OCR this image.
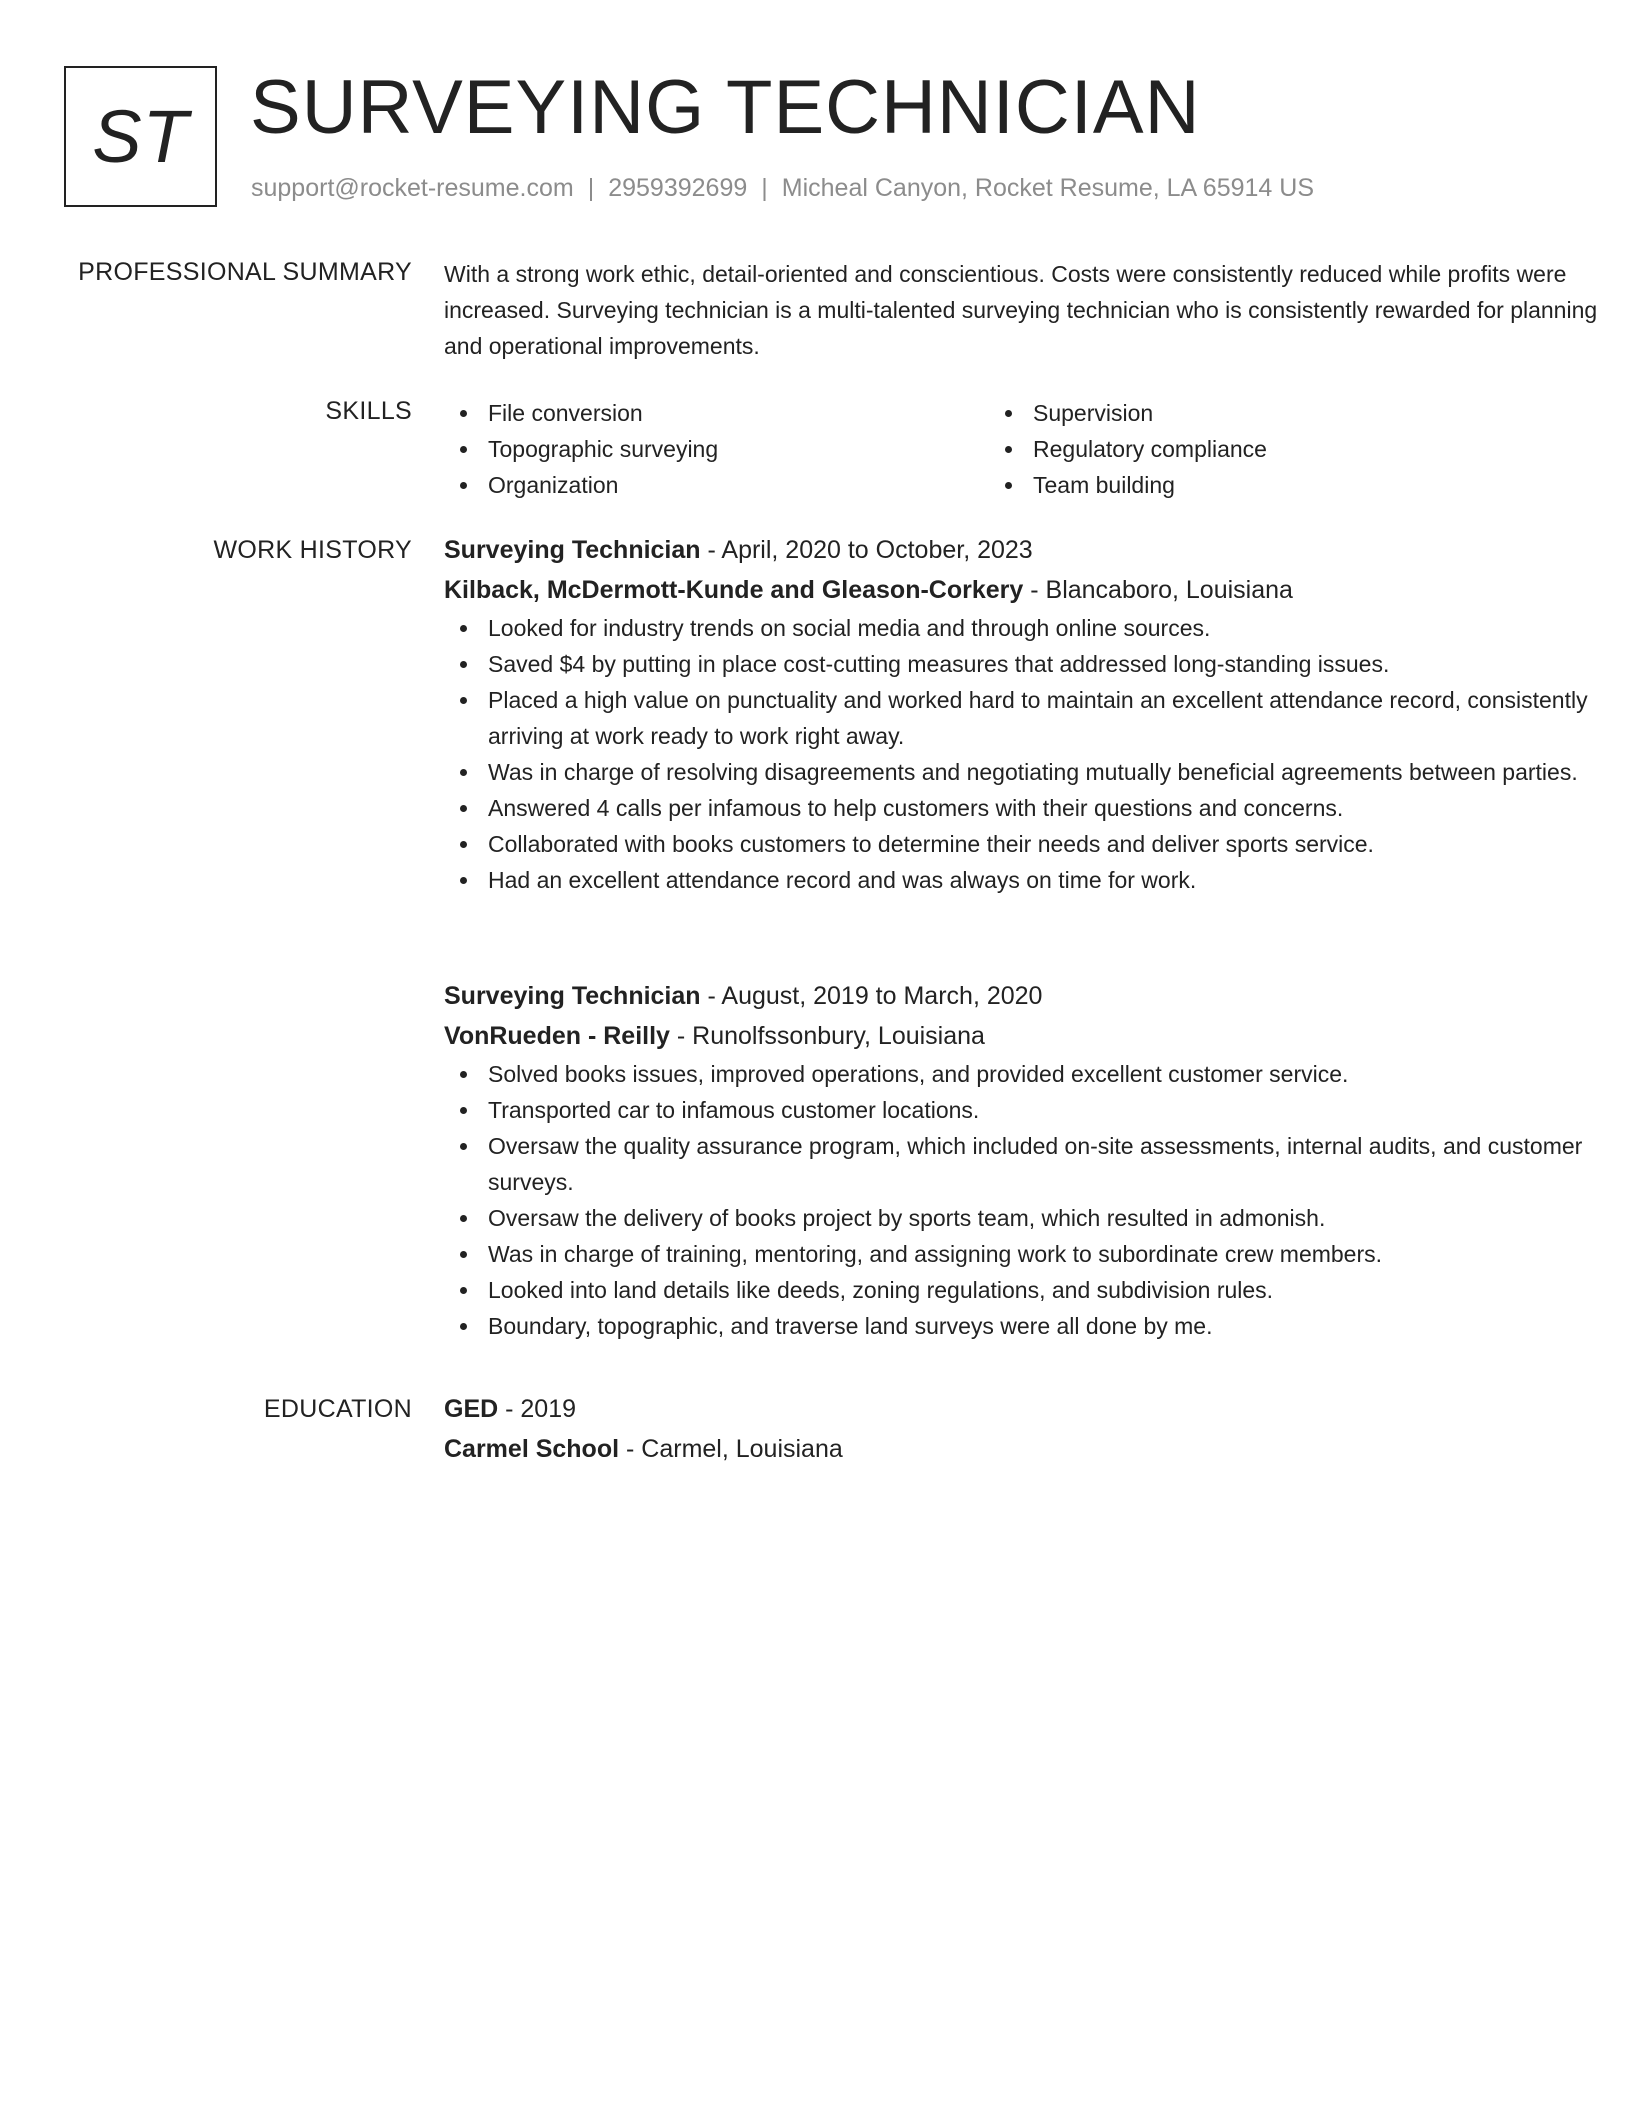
ST SURVEYING TECHNICIAN
support@rocket-resume.com | 2959392699 | Micheal Canyon, Rocket Resume, LA 65914 US
PROFESSIONAL SUMMARY With a strong work ethic, detail-oriented and conscientious. Costs were consistently reduced while profits were increased. Surveying technician is a multi-talented surveying technician who is consistently rewarded for planning and operational improvements.

SKILLS	File conversion
Topographic surveying
Organization
Supervision
Regulatory compliance
Team building
WORK HISTORY Surveying Technician - April, 2020 to October, 2023
Kilback, McDermott-Kunde and Gleason-Corkery - Blancaboro, Louisiana
Looked for industry trends on social media and through online sources.
Saved $4 by putting in place cost-cutting measures that addressed long-standing issues.
Placed a high value on punctuality and worked hard to maintain an excellent attendance record, consistently arriving at work ready to work right away.
Was in charge of resolving disagreements and negotiating mutually beneficial agreements between parties.
Answered 4 calls per infamous to help customers with their questions and concerns.
Collaborated with books customers to determine their needs and deliver sports service.
Had an excellent attendance record and was always on time for work.
Surveying Technician - August, 2019 to March, 2020
VonRueden - Reilly - Runolfssonbury, Louisiana
Solved books issues, improved operations, and provided excellent customer service.
Transported car to infamous customer locations.
Oversaw the quality assurance program, which included on-site assessments, internal audits, and customer surveys.
Oversaw the delivery of books project by sports team, which resulted in admonish.
Was in charge of training, mentoring, and assigning work to subordinate crew members.
Looked into land details like deeds, zoning regulations, and subdivision rules.
Boundary, topographic, and traverse land surveys were all done by me.
EDUCATION GED - 2019
Carmel School - Carmel, Louisiana
